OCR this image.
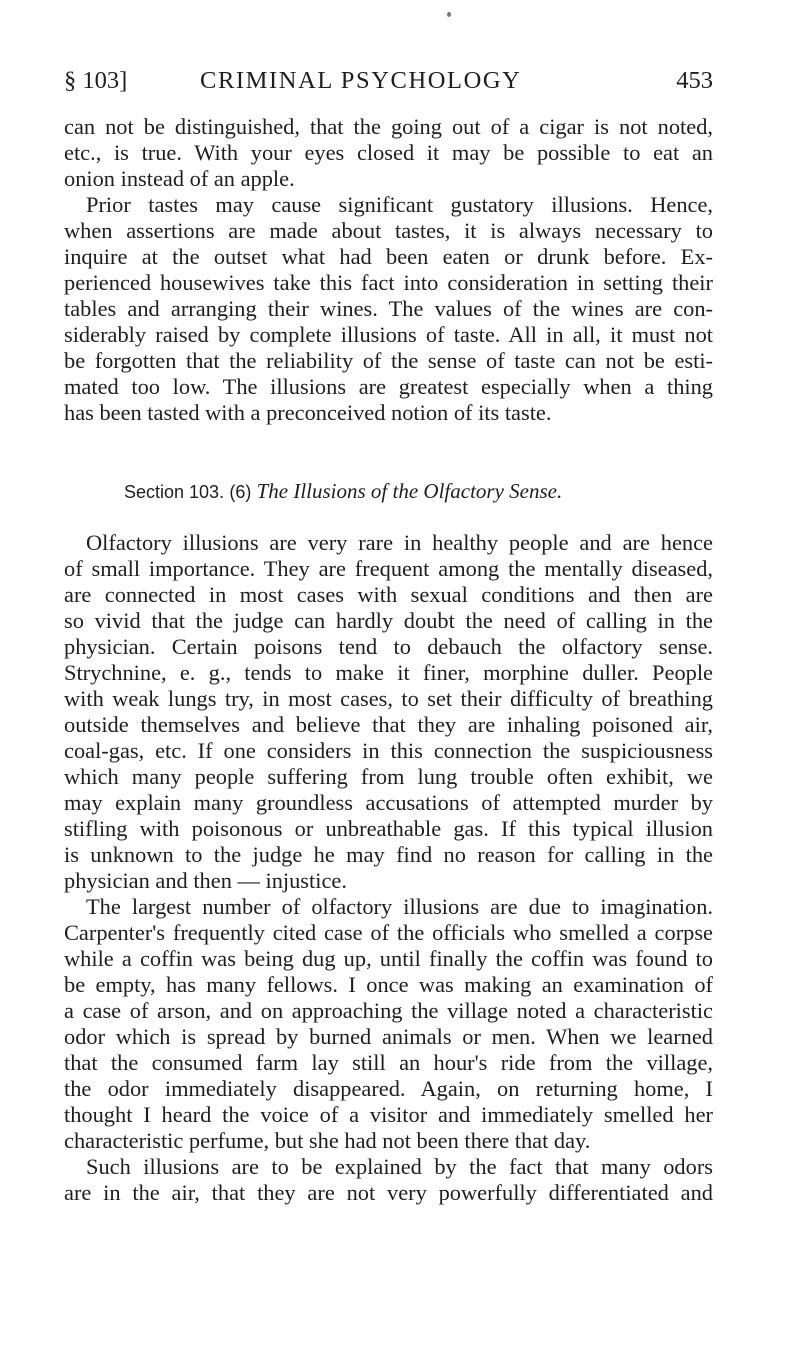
§ 103]	CRIMINAL PSYCHOLOGY	453
can not be distinguished, that the going out of a cigar is not noted,
etc., is true. With your eyes closed it may be possible to eat an
onion instead of an apple.
Prior tastes may cause significant gustatory illusions. Hence,
when assertions are made about tastes, it is always necessary to
inquire at the outset what had been eaten or drunk before. Ex-
perienced housewives take this fact into consideration in setting their
tables and arranging their wines. The values of the wines are con-
siderably raised by complete illusions of taste. All in all, it must not
be forgotten that the reliability of the sense of taste can not be esti-
mated too low. The illusions are greatest especially when a thing
has been tasted with a preconceived notion of its taste.
Section 103. (6) The Illusions of the Olfactory Sense.
Olfactory illusions are very rare in healthy people and are hence
of small importance. They are frequent among the mentally diseased,
are connected in most cases with sexual conditions and then are
so vivid that the judge can hardly doubt the need of calling in the
physician. Certain poisons tend to debauch the olfactory sense.
Strychnine, e. g., tends to make it finer, morphine duller. People
with weak lungs try, in most cases, to set their difficulty of breathing
outside themselves and believe that they are inhaling poisoned air,
coal-gas, etc. If one considers in this connection the suspiciousness
which many people suffering from lung trouble often exhibit, we
may explain many groundless accusations of attempted murder by
stifling with poisonous or unbreathable gas. If this typical illusion
is unknown to the judge he may find no reason for calling in the
physician and then — injustice.
The largest number of olfactory illusions are due to imagination.
Carpenter's frequently cited case of the officials who smelled a corpse
while a coffin was being dug up, until finally the coffin was found to
be empty, has many fellows. I once was making an examination of
a case of arson, and on approaching the village noted a characteristic
odor which is spread by burned animals or men. When we learned
that the consumed farm lay still an hour's ride from the village,
the odor immediately disappeared. Again, on returning home, I
thought I heard the voice of a visitor and immediately smelled her
characteristic perfume, but she had not been there that day.
Such illusions are to be explained by the fact that many odors
are in the air, that they are not very powerfully differentiated and
